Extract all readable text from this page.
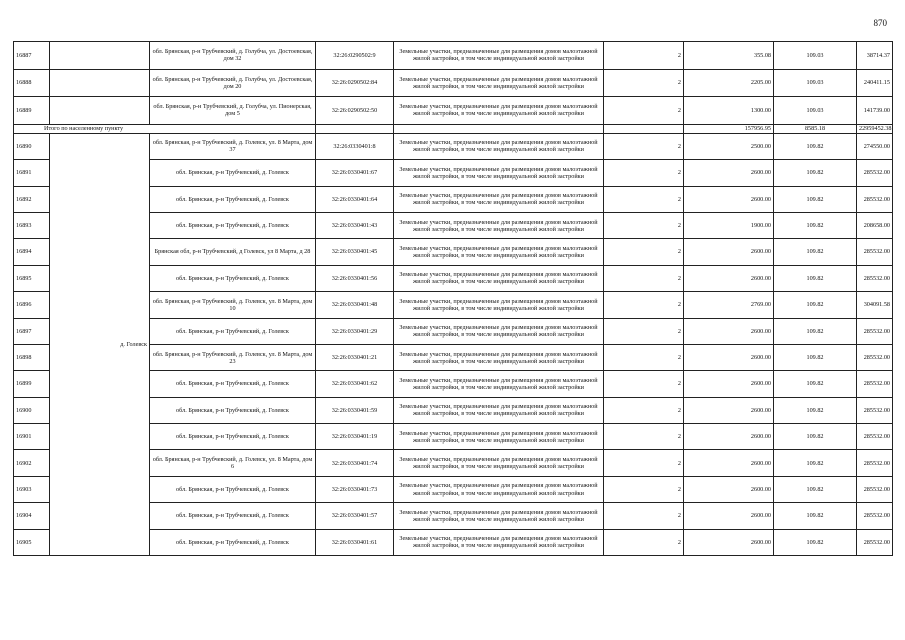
870
16887		обл. Брянская, р-н Трубчевский, д. Голубча, ул. Достоевская, дом 32	32:26:0290502:9	Земельные участки, предназначенные для размещения домов малоэтажной жилой застройки, в том числе индивидуальной жилой застройки	2	355.08	109.03	38714.37
16888		обл. Брянская, р-н Трубчевский, д. Голубча, ул. Достоевская, дом 20	32:26:0290502:84	Земельные участки, предназначенные для размещения домов малоэтажной жилой застройки, в том числе индивидуальной жилой застройки	2	2205.00	109.03	240411.15
16889		обл. Брянская, р-н Трубчевский, д. Голубча, ул. Пионерская, дом 5	32:26:0290502:50	Земельные участки, предназначенные для размещения домов малоэтажной жилой застройки, в том числе индивидуальной жилой застройки	2	1300.00	109.03	141739.00
Итого по населенному пункту						157956.95	8585.18	22959452.38
16890	д. Голевск	обл. Брянская, р-н Трубчевский, д. Голевск, ул. 8 Марта, дом 37	32:26:0330401:8	Земельные участки, предназначенные для размещения домов малоэтажной жилой застройки, в том числе индивидуальной жилой застройки	2	2500.00	109.82	274550.00
16891		обл. Брянская, р-н Трубчевский, д. Голевск	32:26:0330401:67	Земельные участки, предназначенные для размещения домов малоэтажной жилой застройки, в том числе индивидуальной жилой застройки	2	2600.00	109.82	285532.00
16892		обл. Брянская, р-н Трубчевский, д. Голевск	32:26:0330401:64	Земельные участки, предназначенные для размещения домов малоэтажной жилой застройки, в том числе индивидуальной жилой застройки	2	2600.00	109.82	285532.00
16893		обл. Брянская, р-н Трубчевский, д. Голевск	32:26:0330401:43	Земельные участки, предназначенные для размещения домов малоэтажной жилой застройки, в том числе индивидуальной жилой застройки	2	1900.00	109.82	208658.00
16894		Брянская обл, р-н Трубчевский, д Голевск, ул 8 Марта, д 28	32:26:0330401:45	Земельные участки, предназначенные для размещения домов малоэтажной жилой застройки, в том числе индивидуальной жилой застройки	2	2600.00	109.82	285532.00
16895		обл. Брянская, р-н Трубчевский, д. Голевск	32:26:0330401:56	Земельные участки, предназначенные для размещения домов малоэтажной жилой застройки, в том числе индивидуальной жилой застройки	2	2600.00	109.82	285532.00
16896		обл. Брянская, р-н Трубчевский, д. Голевск, ул. 8 Марта, дом 10	32:26:0330401:48	Земельные участки, предназначенные для размещения домов малоэтажной жилой застройки, в том числе индивидуальной жилой застройки	2	2769.00	109.82	304091.58
16897		обл. Брянская, р-н Трубчевский, д. Голевск	32:26:0330401:29	Земельные участки, предназначенные для размещения домов малоэтажной жилой застройки, в том числе индивидуальной жилой застройки	2	2600.00	109.82	285532.00
16898		обл. Брянская, р-н Трубчевский, д. Голевск, ул. 8 Марта, дом 23	32:26:0330401:21	Земельные участки, предназначенные для размещения домов малоэтажной жилой застройки, в том числе индивидуальной жилой застройки	2	2600.00	109.82	285532.00
16899		обл. Брянская, р-н Трубчевский, д. Голевск	32:26:0330401:62	Земельные участки, предназначенные для размещения домов малоэтажной жилой застройки, в том числе индивидуальной жилой застройки	2	2600.00	109.82	285532.00
16900		обл. Брянская, р-н Трубчевский, д. Голевск	32:26:0330401:59	Земельные участки, предназначенные для размещения домов малоэтажной жилой застройки, в том числе индивидуальной жилой застройки	2	2600.00	109.82	285532.00
16901		обл. Брянская, р-н Трубчевский, д. Голевск	32:26:0330401:19	Земельные участки, предназначенные для размещения домов малоэтажной жилой застройки, в том числе индивидуальной жилой застройки	2	2600.00	109.82	285532.00
16902		обл. Брянская, р-н Трубчевский, д. Голевск, ул. 8 Марта, дом 6	32:26:0330401:74	Земельные участки, предназначенные для размещения домов малоэтажной жилой застройки, в том числе индивидуальной жилой застройки	2	2600.00	109.82	285532.00
16903		обл. Брянская, р-н Трубчевский, д. Голевск	32:26:0330401:73	Земельные участки, предназначенные для размещения домов малоэтажной жилой застройки, в том числе индивидуальной жилой застройки	2	2600.00	109.82	285532.00
16904		обл. Брянская, р-н Трубчевский, д. Голевск	32:26:0330401:57	Земельные участки, предназначенные для размещения домов малоэтажной жилой застройки, в том числе индивидуальной жилой застройки	2	2600.00	109.82	285532.00
16905		обл. Брянская, р-н Трубчевский, д. Голевск	32:26:0330401:61	Земельные участки, предназначенные для размещения домов малоэтажной жилой застройки, в том числе индивидуальной жилой застройки	2	2600.00	109.82	285532.00
